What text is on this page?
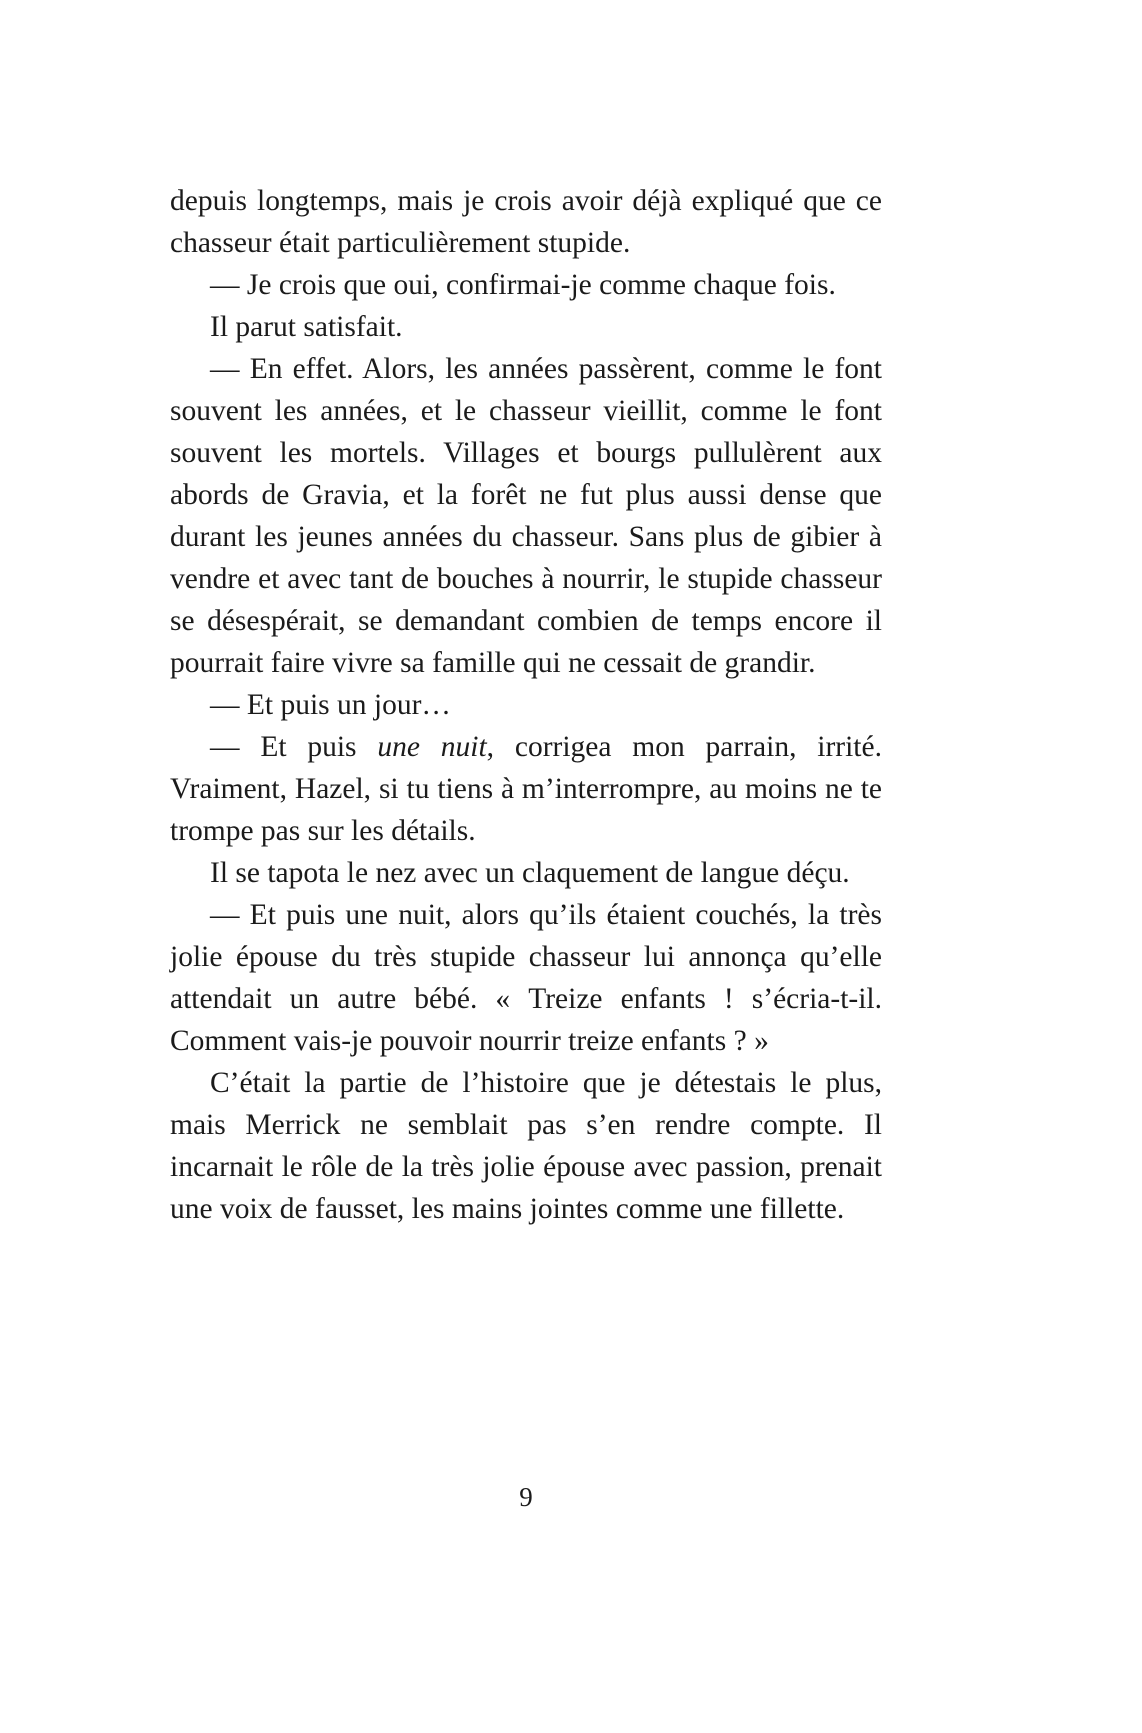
depuis longtemps, mais je crois avoir déjà expliqué que ce chasseur était particulièrement stupide.

— Je crois que oui, confirmai-je comme chaque fois.

Il parut satisfait.

— En effet. Alors, les années passèrent, comme le font souvent les années, et le chasseur vieillit, comme le font souvent les mortels. Villages et bourgs pullulèrent aux abords de Gravia, et la forêt ne fut plus aussi dense que durant les jeunes années du chasseur. Sans plus de gibier à vendre et avec tant de bouches à nourrir, le stupide chasseur se désespérait, se demandant combien de temps encore il pourrait faire vivre sa famille qui ne cessait de grandir.

— Et puis un jour…

— Et puis une nuit, corrigea mon parrain, irrité. Vraiment, Hazel, si tu tiens à m’interrompre, au moins ne te trompe pas sur les détails.

Il se tapota le nez avec un claquement de langue déçu.

— Et puis une nuit, alors qu’ils étaient couchés, la très jolie épouse du très stupide chasseur lui annonça qu’elle attendait un autre bébé. « Treize enfants ! s’écria-t-il. Comment vais-je pouvoir nourrir treize enfants ? »

C’était la partie de l’histoire que je détestais le plus, mais Merrick ne semblait pas s’en rendre compte. Il incarnait le rôle de la très jolie épouse avec passion, prenait une voix de fausset, les mains jointes comme une fillette.

9
